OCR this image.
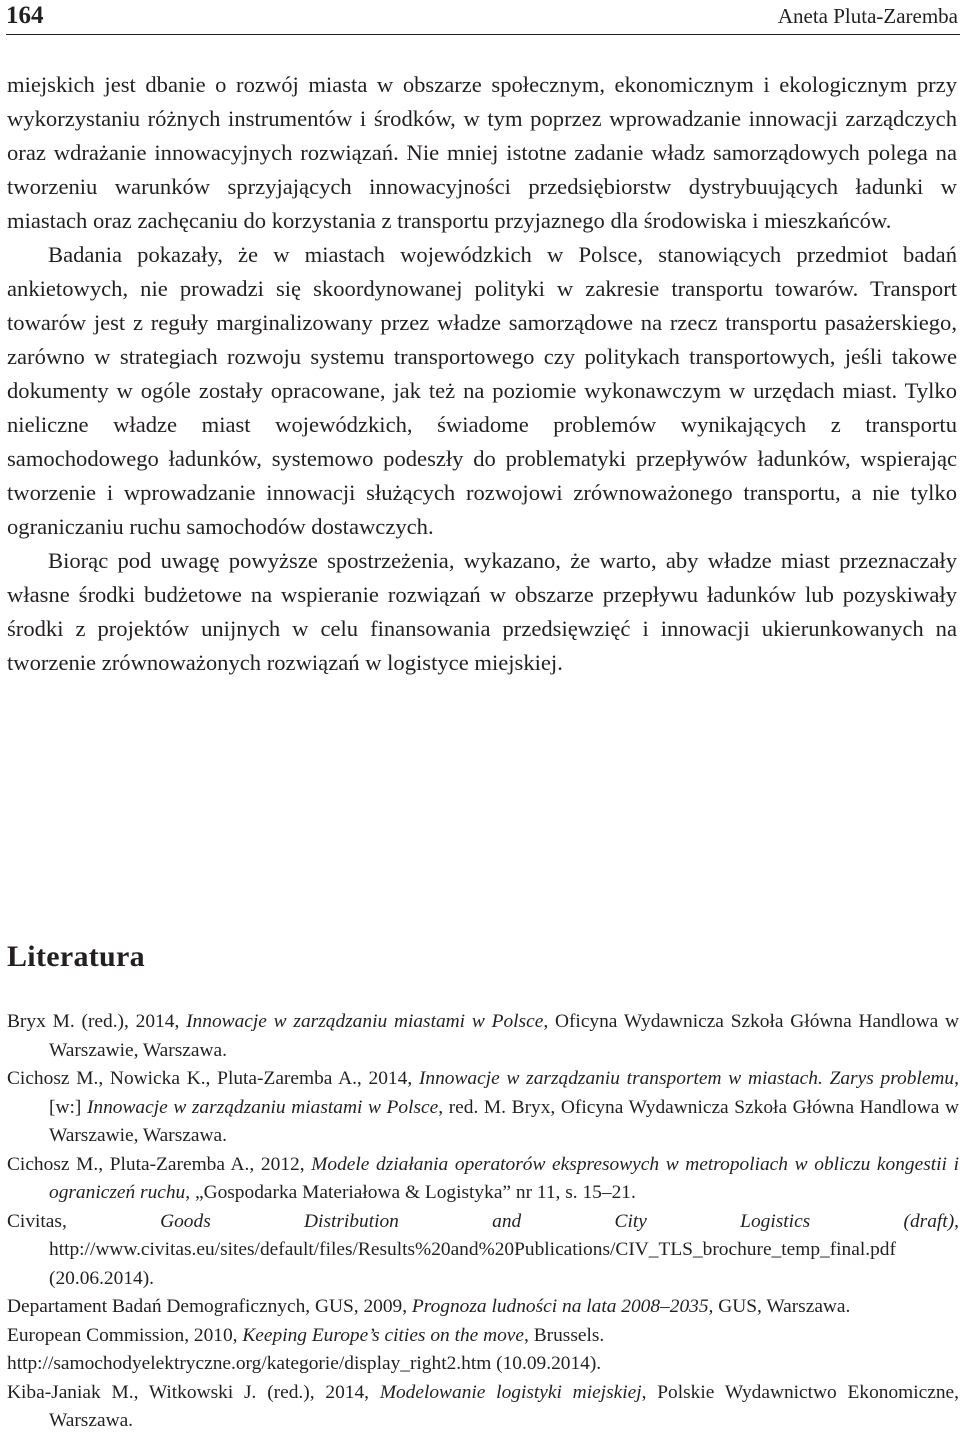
164	Aneta Pluta-Zaremba

miejskich jest dbanie o rozwój miasta w obszarze społecznym, ekonomicznym i ekologicznym przy wykorzystaniu różnych instrumentów i środków, w tym poprzez wprowadzanie innowacji zarządczych oraz wdrażanie innowacyjnych rozwiązań. Nie mniej istotne zadanie władz samorządowych polega na tworzeniu warunków sprzyjających innowacyjności przedsiębiorstw dystrybuujących ładunki w miastach oraz zachęcaniu do korzystania z transportu przyjaznego dla środowiska i mieszkańców.

Badania pokazały, że w miastach wojewódzkich w Polsce, stanowiących przedmiot badań ankietowych, nie prowadzi się skoordynowanej polityki w zakresie transportu towarów. Transport towarów jest z reguły marginalizowany przez władze samorządowe na rzecz transportu pasażerskiego, zarówno w strategiach rozwoju systemu transportowego czy politykach transportowych, jeśli takowe dokumenty w ogóle zostały opracowane, jak też na poziomie wykonawczym w urzędach miast. Tylko nieliczne władze miast wojewódzkich, świadome problemów wynikających z transportu samochodowego ładunków, systemowo podeszły do problematyki przepływów ładunków, wspierając tworzenie i wprowadzanie innowacji służących rozwojowi zrównoważonego transportu, a nie tylko ograniczaniu ruchu samochodów dostawczych.

Biorąc pod uwagę powyższe spostrzeżenia, wykazano, że warto, aby władze miast przeznaczały własne środki budżetowe na wspieranie rozwiązań w obszarze przepływu ładunków lub pozyskiwały środki z projektów unijnych w celu finansowania przedsięwzięć i innowacji ukierunkowanych na tworzenie zrównoważonych rozwiązań w logistyce miejskiej.

Literatura

Bryx M. (red.), 2014, Innowacje w zarządzaniu miastami w Polsce, Oficyna Wydawnicza Szkoła Główna Handlowa w Warszawie, Warszawa.

Cichosz M., Nowicka K., Pluta-Zaremba A., 2014, Innowacje w zarządzaniu transportem w miastach. Zarys problemu, [w:] Innowacje w zarządzaniu miastami w Polsce, red. M. Bryx, Oficyna Wydawnicza Szkoła Główna Handlowa w Warszawie, Warszawa.

Cichosz M., Pluta-Zaremba A., 2012, Modele działania operatorów ekspresowych w metropoliach w obliczu kongestii i ograniczeń ruchu, „Gospodarka Materiałowa & Logistyka” nr 11, s. 15–21.

Civitas, Goods Distribution and City Logistics (draft), http://www.civitas.eu/sites/default/files/Results%20and%20Publications/CIV_TLS_brochure_temp_final.pdf (20.06.2014).

Departament Badań Demograficznych, GUS, 2009, Prognoza ludności na lata 2008–2035, GUS, Warszawa.

European Commission, 2010, Keeping Europe’s cities on the move, Brussels.

http://samochodyelektryczne.org/kategorie/display_right2.htm (10.09.2014).

Kiba-Janiak M., Witkowski J. (red.), 2014, Modelowanie logistyki miejskiej, Polskie Wydawnictwo Ekonomiczne, Warszawa.
